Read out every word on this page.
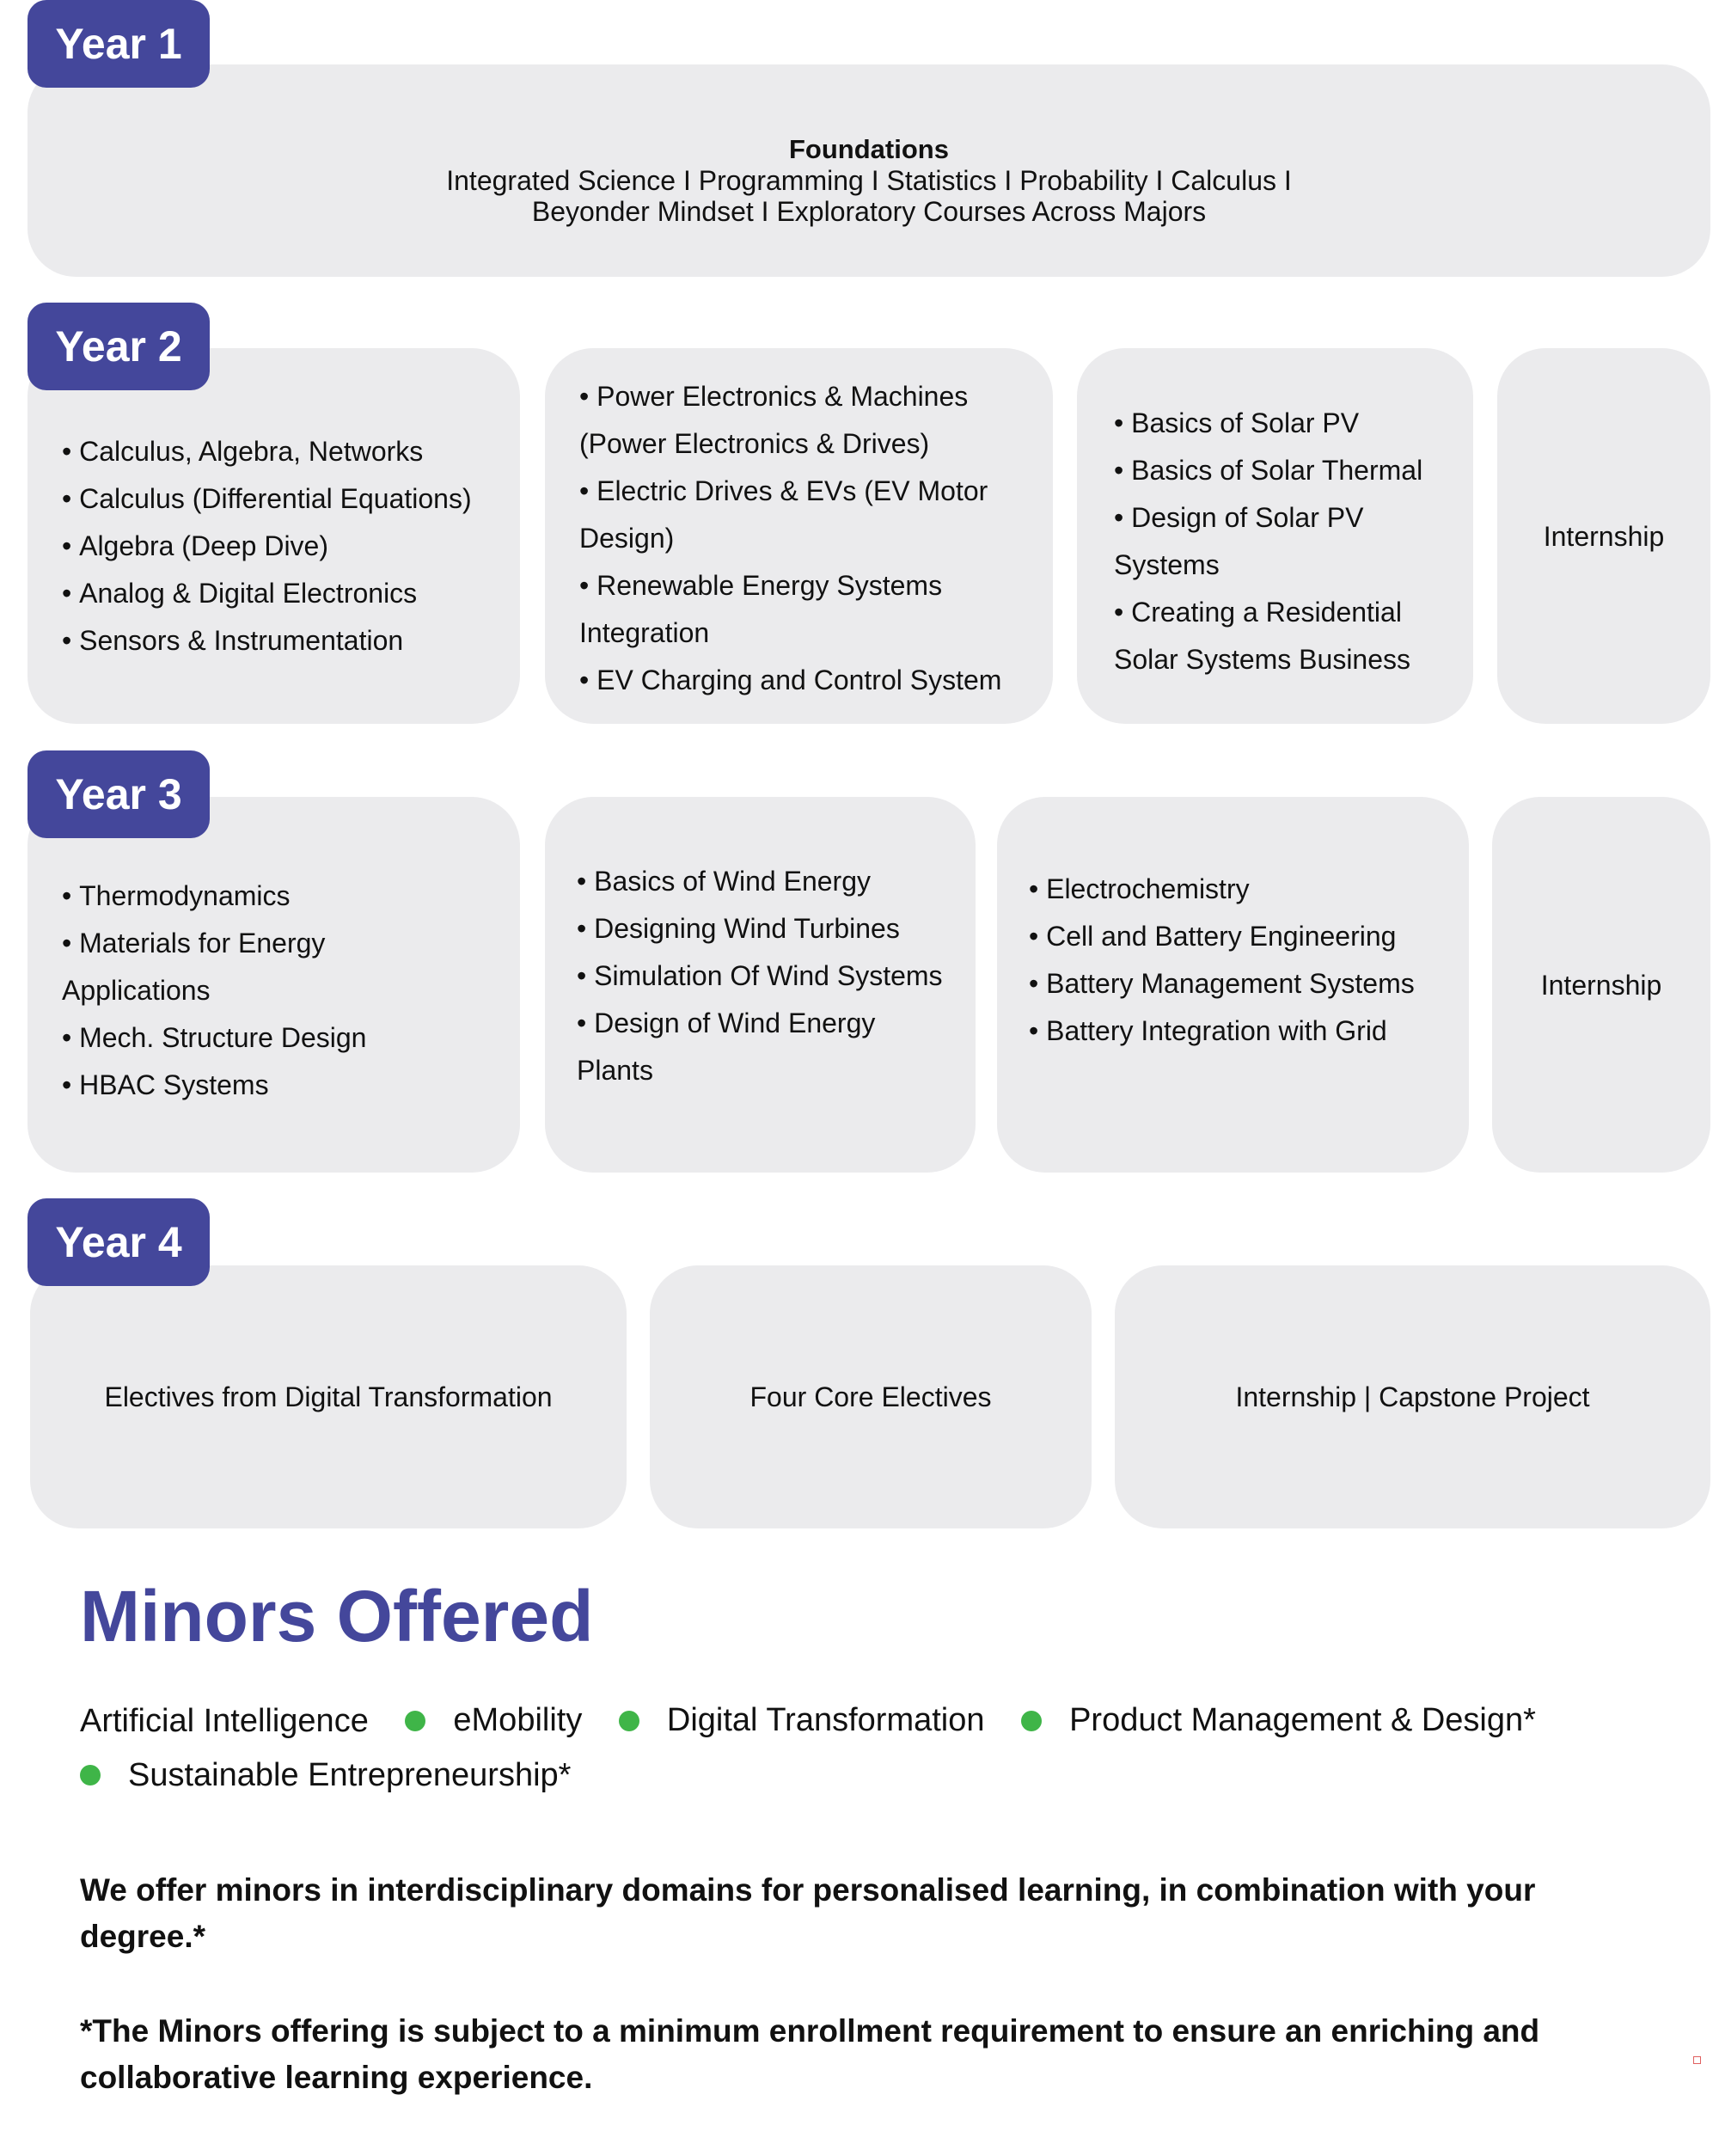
Year 1
Foundations
Integrated Science I Programming I Statistics I Probability I Calculus I
Beyonder Mindset I Exploratory Courses Across Majors
Year 2
• Calculus, Algebra, Networks
• Calculus (Differential Equations)
• Algebra (Deep Dive)
• Analog & Digital Electronics
• Sensors & Instrumentation
• Power Electronics & Machines
(Power Electronics & Drives)
• Electric Drives & EVs (EV Motor
Design)
• Renewable Energy Systems
Integration
• EV Charging and Control System
• Basics of Solar PV
• Basics of Solar Thermal
• Design of Solar PV
Systems
• Creating a Residential
Solar Systems Business
Internship
Year 3
• Thermodynamics
• Materials for Energy
Applications
• Mech. Structure Design
• HBAC Systems
• Basics of Wind Energy
• Designing Wind Turbines
• Simulation Of Wind Systems
• Design of Wind Energy
Plants
• Electrochemistry
• Cell and Battery Engineering
• Battery Management Systems
• Battery Integration with Grid
Internship
Year 4
Electives from Digital Transformation	Four Core Electives	Internship | Capstone Project
Minors Offered
Artificial Intelligence
	eMobility
	Digital Transformation
	Product Management & Design*

Sustainable Entrepreneurship*

We offer minors in interdisciplinary domains for personalised learning, in combination with your degree.*

*The Minors offering is subject to a minimum enrollment requirement to ensure an enriching and collaborative learning experience.
